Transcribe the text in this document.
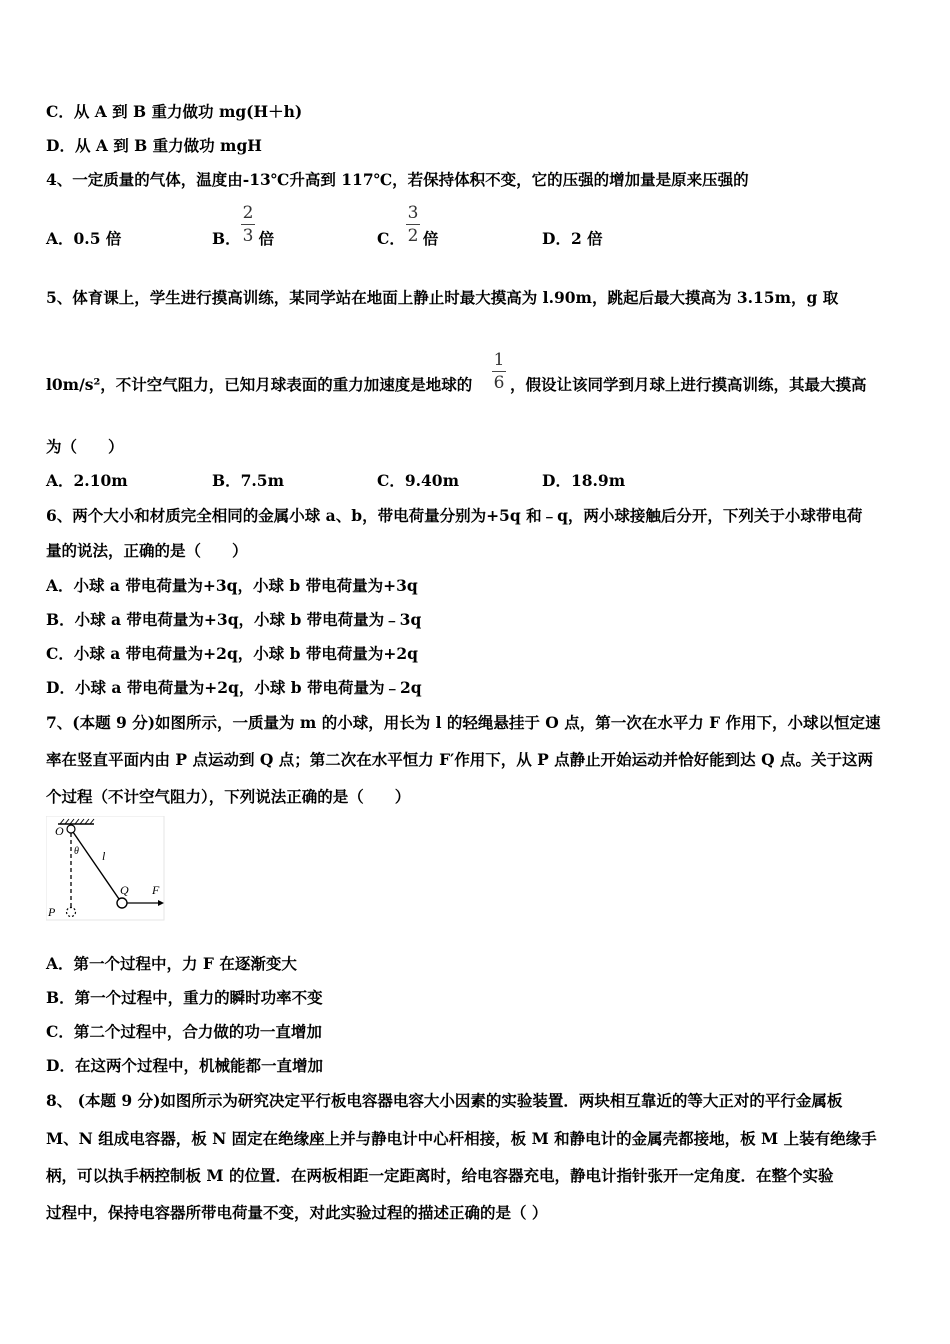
C．从 A 到 B 重力做功 mg(H＋h)
D．从 A 到 B 重力做功 mgH
4、一定质量的气体，温度由-13℃升高到 117℃，若保持体积不变，它的压强的增加量是原来压强的
A．0.5 倍	B． 倍
2
3	C． 倍
3
2	D．2 倍
5、体育课上，学生进行摸高训练，某同学站在地面上静止时最大摸高为 l.90m，跳起后最大摸高为 3.15m，g 取
l0m/s²，不计空气阻力，已知月球表面的重力加速度是地球的
1
6 ，假设让该同学到月球上进行摸高训练，其最大摸高
为（　　）
A．2.10m	B．7.5m	C．9.40m	D．18.9m
6、两个大小和材质完全相同的金属小球 a、b，带电荷量分别为+5q 和﹣q，两小球接触后分开，下列关于小球带电荷
量的说法，正确的是（　　）
A．小球 a 带电荷量为+3q，小球 b 带电荷量为+3q
B．小球 a 带电荷量为+3q，小球 b 带电荷量为﹣3q
C．小球 a 带电荷量为+2q，小球 b 带电荷量为+2q
D．小球 a 带电荷量为+2q，小球 b 带电荷量为﹣2q
7、(本题 9 分)如图所示，一质量为 m 的小球，用长为 l 的轻绳悬挂于 O 点，第一次在水平力 F 作用下，小球以恒定速
率在竖直平面内由 P 点运动到 Q 点；第二次在水平恒力 F′作用下，从 P 点静止开始运动并恰好能到达 Q 点。关于这两
个过程（不计空气阻力），下列说法正确的是（　　）
O
θ l
Q F
P
A．第一个过程中，力 F 在逐渐变大
B．第一个过程中，重力的瞬时功率不变
C．第二个过程中，合力做的功一直增加
D．在这两个过程中，机械能都一直增加
8、 (本题 9 分)如图所示为研究决定平行板电容器电容大小因素的实验装置．两块相互靠近的等大正对的平行金属板
M、N 组成电容器，板 N 固定在绝缘座上并与静电计中心杆相接，板 M 和静电计的金属壳都接地，板 M 上装有绝缘手
柄，可以执手柄控制板 M 的位置．在两板相距一定距离时，给电容器充电，静电计指针张开一定角度．在整个实验
过程中，保持电容器所带电荷量不变，对此实验过程的描述正确的是（ ）
